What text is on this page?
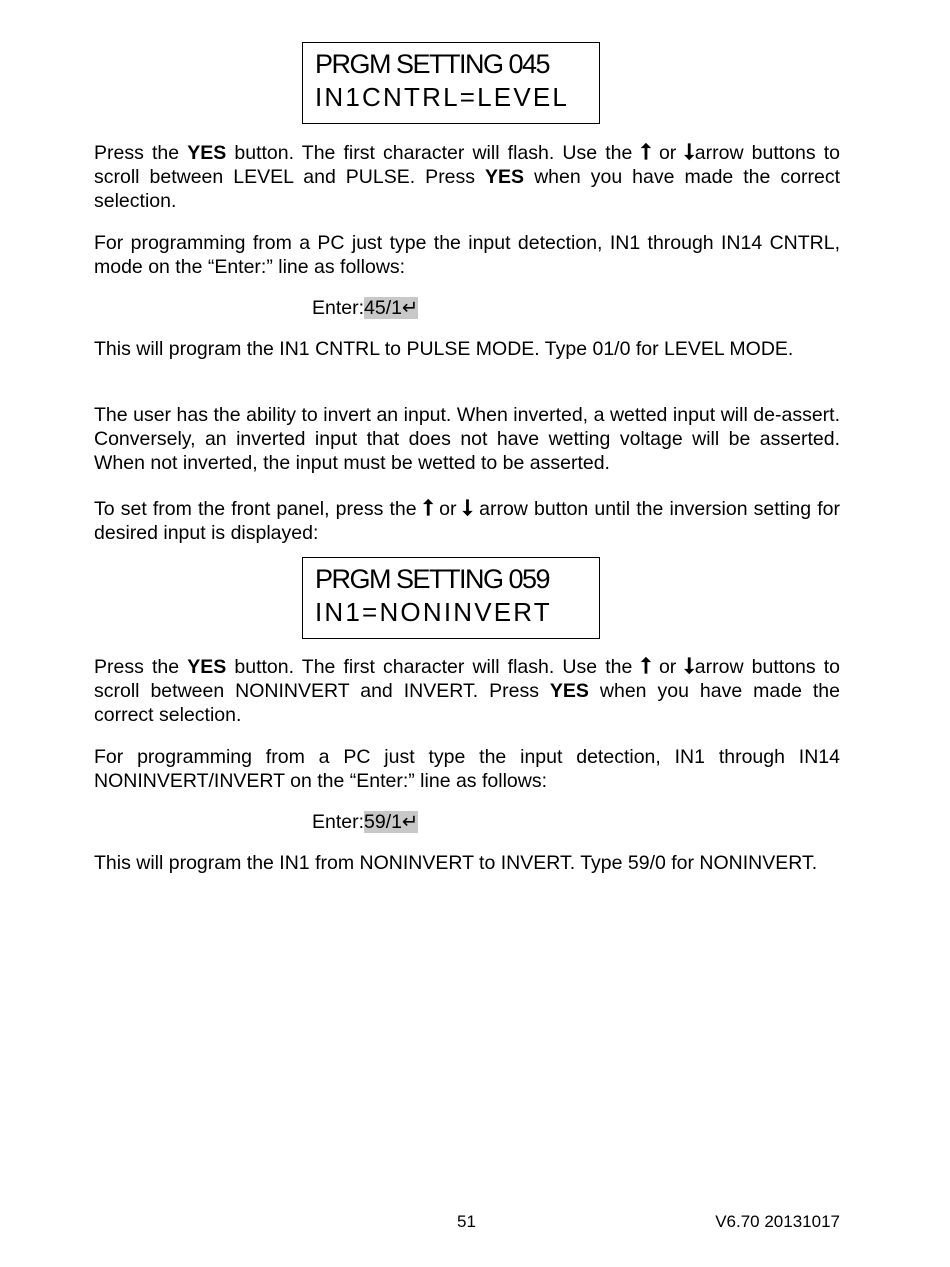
PRGM SETTING 045
IN1CNTRL=LEVEL

Press the YES button. The first character will flash. Use the ⭡ or ⭣arrow buttons to scroll between LEVEL and PULSE. Press YES when you have made the correct selection.

For programming from a PC just type the input detection, IN1 through IN14 CNTRL, mode on the “Enter:” line as follows:

Enter:45/1↵

This will program the IN1 CNTRL to PULSE MODE. Type 01/0 for LEVEL MODE.

The user has the ability to invert an input. When inverted, a wetted input will de-assert. Conversely, an inverted input that does not have wetting voltage will be asserted. When not inverted, the input must be wetted to be asserted.

To set from the front panel, press the ⭡ or ⭣ arrow button until the inversion setting for desired input is displayed:

PRGM SETTING 059
IN1=NONINVERT

Press the YES button. The first character will flash. Use the ⭡ or ⭣arrow buttons to scroll between NONINVERT and INVERT. Press YES when you have made the correct selection.

For programming from a PC just type the input detection, IN1 through IN14 NONINVERT/INVERT on the “Enter:” line as follows:

Enter:59/1↵

This will program the IN1 from NONINVERT to INVERT. Type 59/0 for NONINVERT.

51	V6.70 20131017
